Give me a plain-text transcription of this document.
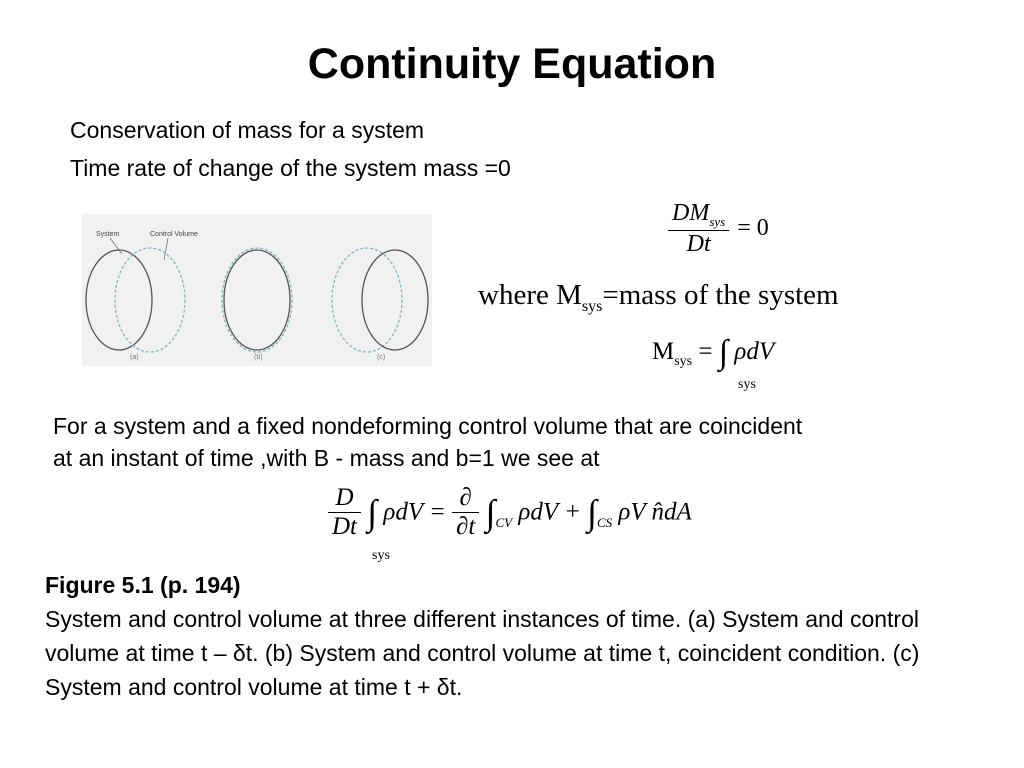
Continuity Equation
Conservation of mass for a system
Time rate of change of the system mass =0
System	Control Volume
(a)	(b)	(c)
$\frac{DM_{sys}}{Dt} = 0$
where $M_{sys}=mass$ of the system
$M_{sys}$ = ∫ ρdV
sys
For a system and a fixed nondeforming control volume that are coincident
at an instant of time ,with B - mass and b=1 we see at
$\frac{D}{Dt}$ ∫ $\rho dV = \frac{\partial}{\partial t} \int_{CV}$ $\rho dV + \int_{CS}$ ρV n̂dA
sys
Figure 5.1 (p. 194)
System and control volume at three different instances of time. (a) System and control volume at time t – δt. (b) System and control volume at time t, coincident condition. (c) System and control volume at time t + δt.
